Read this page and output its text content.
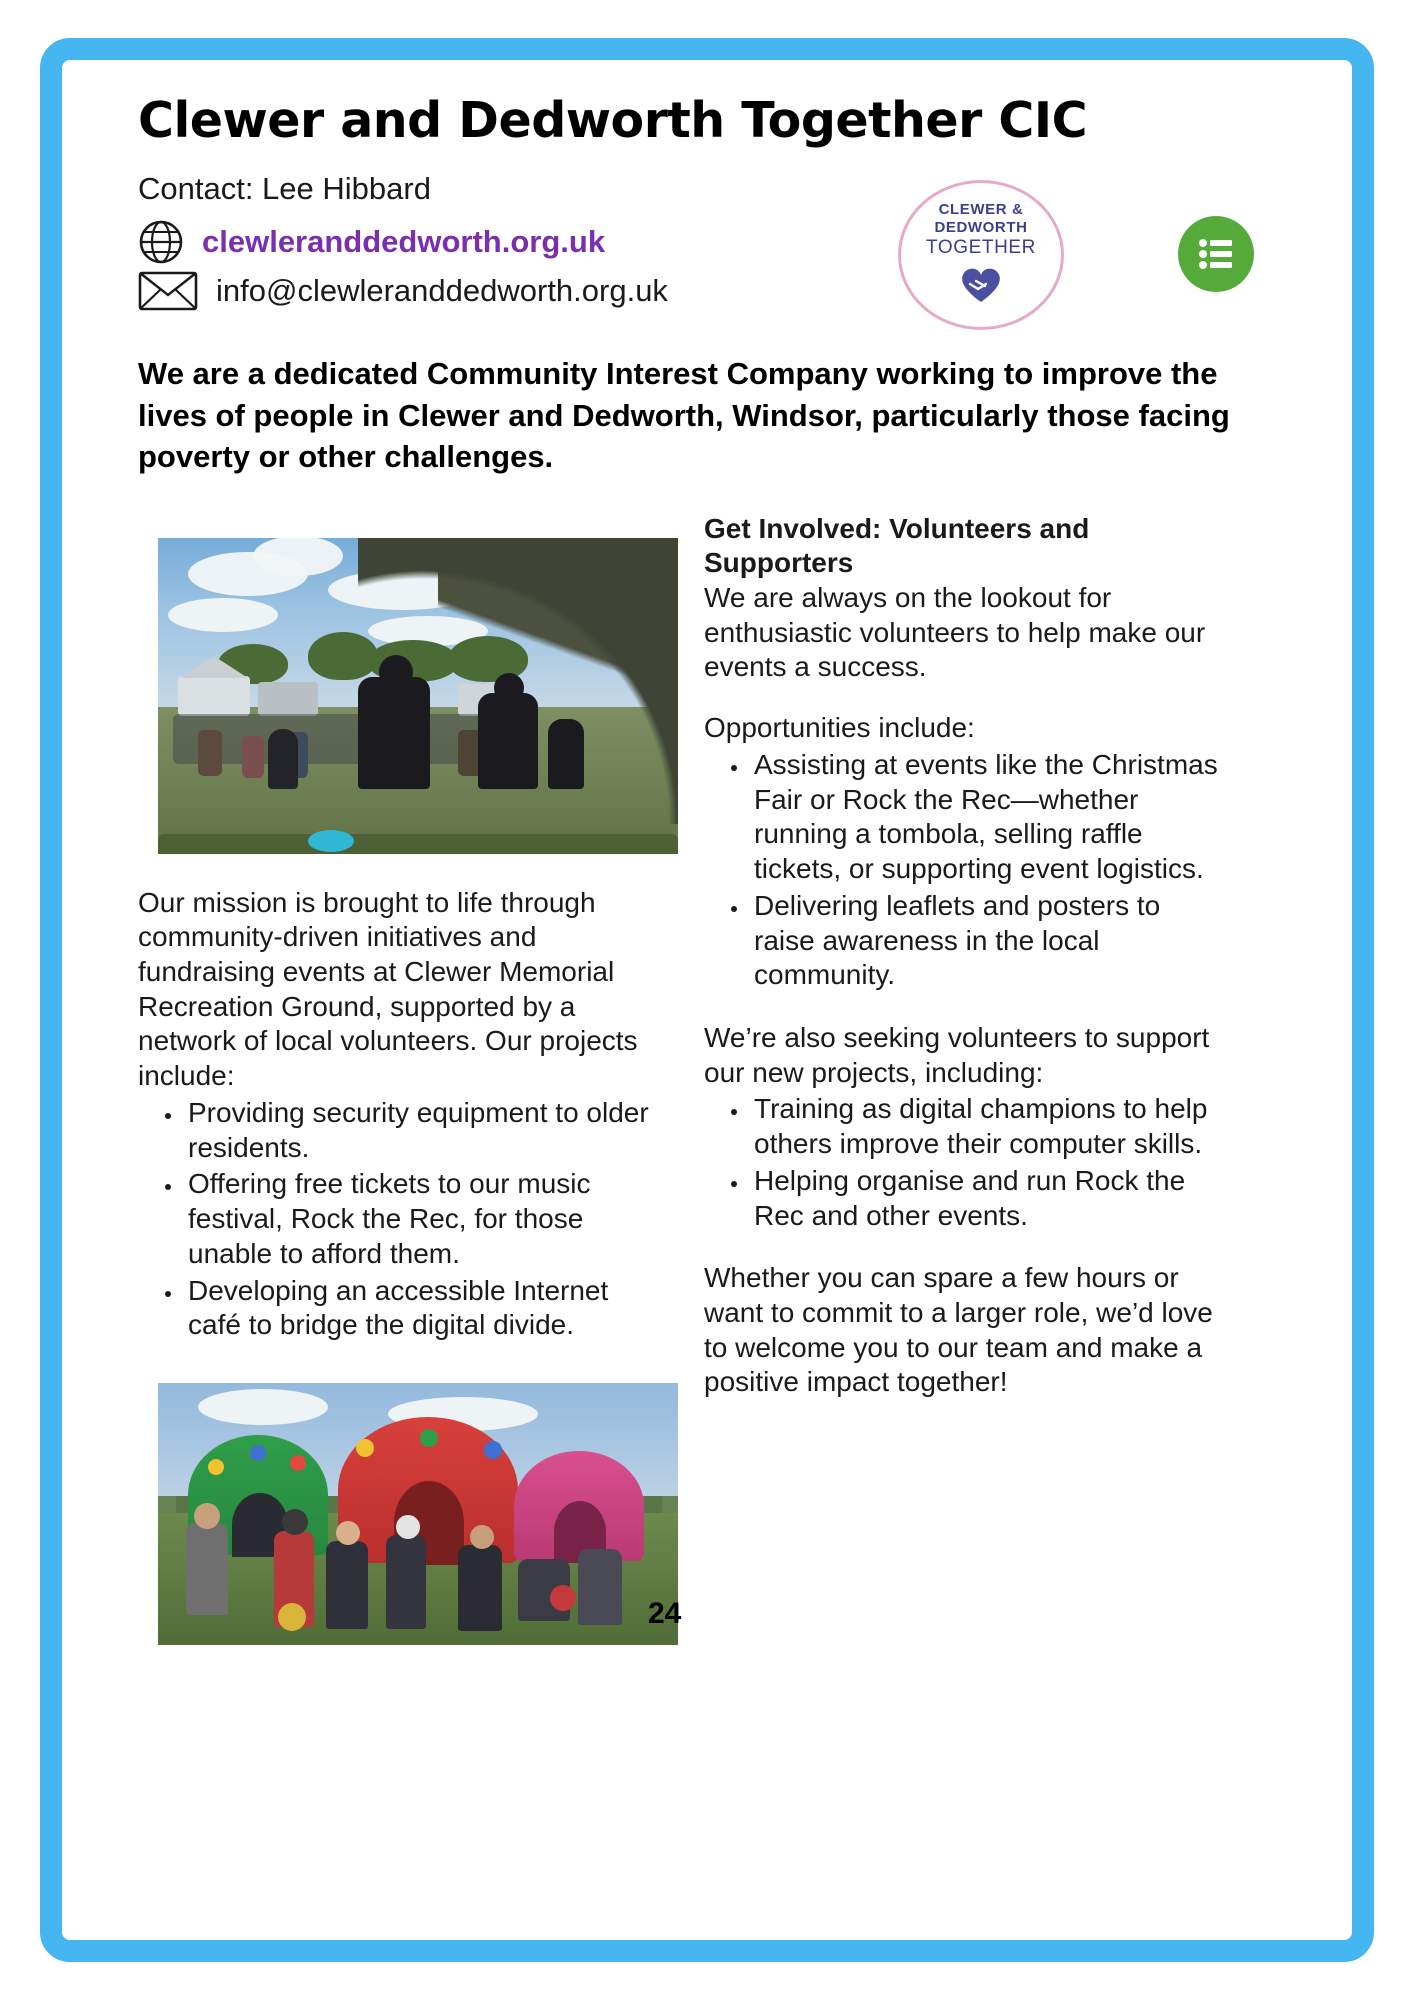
Clewer and Dedworth Together CIC
Contact: Lee Hibbard
clewleranddedworth.org.uk
info@clewleranddedworth.org.uk
CLEWER &
DEDWORTH
TOGETHER
We are a dedicated Community Interest Company working to improve the lives of people in Clewer and Dedworth, Windsor, particularly those facing poverty or other challenges.
Our mission is brought to life through community-driven initiatives and fundraising events at Clewer Memorial Recreation Ground, supported by a network of local volunteers. Our projects include:
• Providing security equipment to older residents.
• Offering free tickets to our music festival, Rock the Rec, for those unable to afford them.
• Developing an accessible Internet café to bridge the digital divide.
24
Get Involved: Volunteers and Supporters
We are always on the lookout for enthusiastic volunteers to help make our events a success.
Opportunities include:
• Assisting at events like the Christmas Fair or Rock the Rec—whether running a tombola, selling raffle tickets, or supporting event logistics.
• Delivering leaflets and posters to raise awareness in the local community.
We’re also seeking volunteers to support our new projects, including:
• Training as digital champions to help others improve their computer skills.
• Helping organise and run Rock the Rec and other events.
Whether you can spare a few hours or want to commit to a larger role, we’d love to welcome you to our team and make a positive impact together!
